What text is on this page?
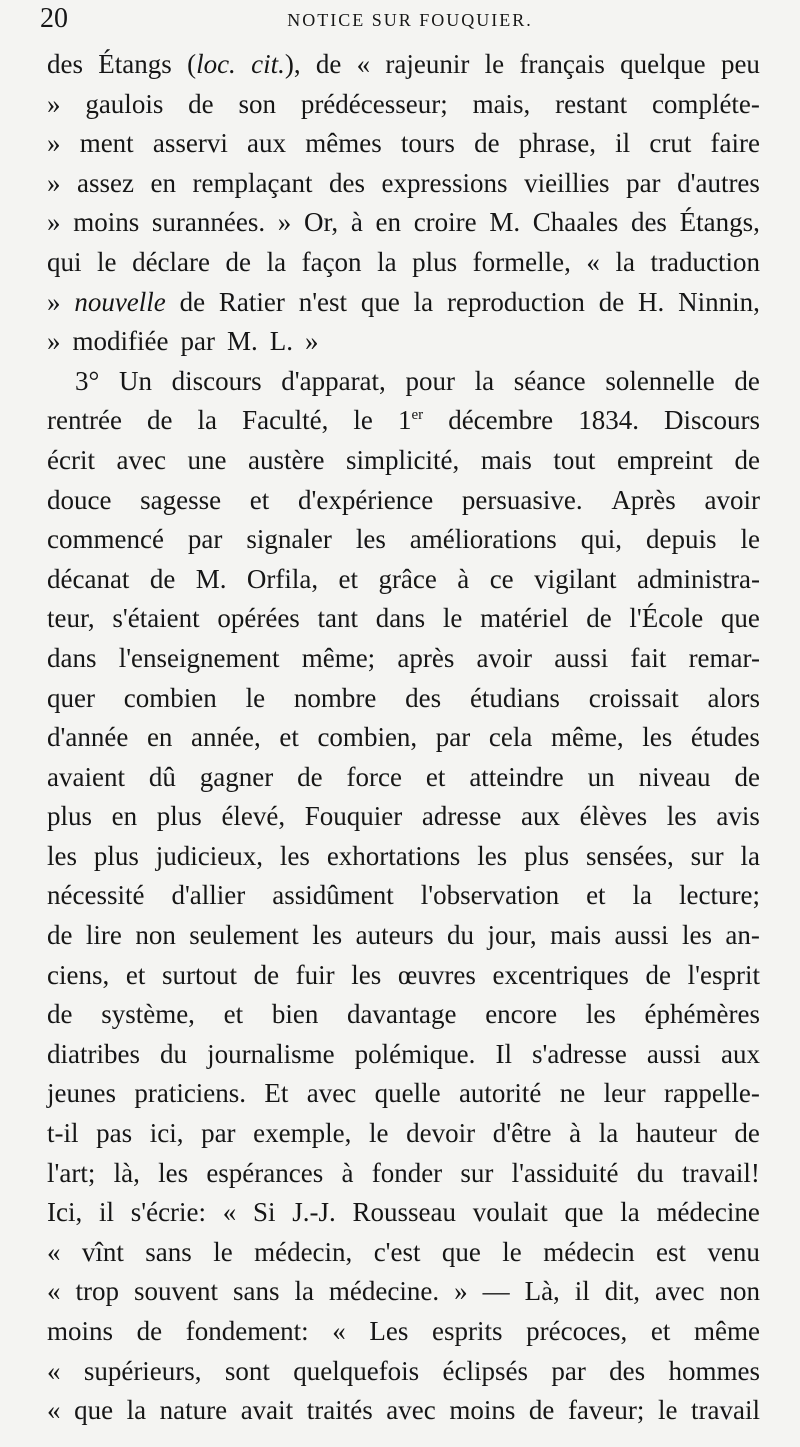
20	NOTICE SUR FOUQUIER.
des Étangs (loc. cit.), de « rajeunir le français quelque peu
» gaulois de son prédécesseur; mais, restant compléte-
» ment asservi aux mêmes tours de phrase, il crut faire
» assez en remplaçant des expressions vieillies par d'autres
» moins surannées. » Or, à en croire M. Chaales des Étangs,
qui le déclare de la façon la plus formelle, « la traduction
» nouvelle de Ratier n'est que la reproduction de H. Ninnin,
» modifiée par M. L. »
3° Un discours d'apparat, pour la séance solennelle de
rentrée de la Faculté, le 1er décembre 1834. Discours
écrit avec une austère simplicité, mais tout empreint de
douce sagesse et d'expérience persuasive. Après avoir
commencé par signaler les améliorations qui, depuis le
décanat de M. Orfila, et grâce à ce vigilant administra-
teur, s'étaient opérées tant dans le matériel de l'École que
dans l'enseignement même; après avoir aussi fait remar-
quer combien le nombre des étudians croissait alors
d'année en année, et combien, par cela même, les études
avaient dû gagner de force et atteindre un niveau de
plus en plus élevé, Fouquier adresse aux élèves les avis
les plus judicieux, les exhortations les plus sensées, sur la
nécessité d'allier assidûment l'observation et la lecture;
de lire non seulement les auteurs du jour, mais aussi les an-
ciens, et surtout de fuir les œuvres excentriques de l'esprit
de système, et bien davantage encore les éphémères
diatribes du journalisme polémique. Il s'adresse aussi aux
jeunes praticiens. Et avec quelle autorité ne leur rappelle-
t-il pas ici, par exemple, le devoir d'être à la hauteur de
l'art; là, les espérances à fonder sur l'assiduité du travail!
Ici, il s'écrie: « Si J.-J. Rousseau voulait que la médecine
« vînt sans le médecin, c'est que le médecin est venu
« trop souvent sans la médecine. » — Là, il dit, avec non
moins de fondement: « Les esprits précoces, et même
« supérieurs, sont quelquefois éclipsés par des hommes
« que la nature avait traités avec moins de faveur; le travail
